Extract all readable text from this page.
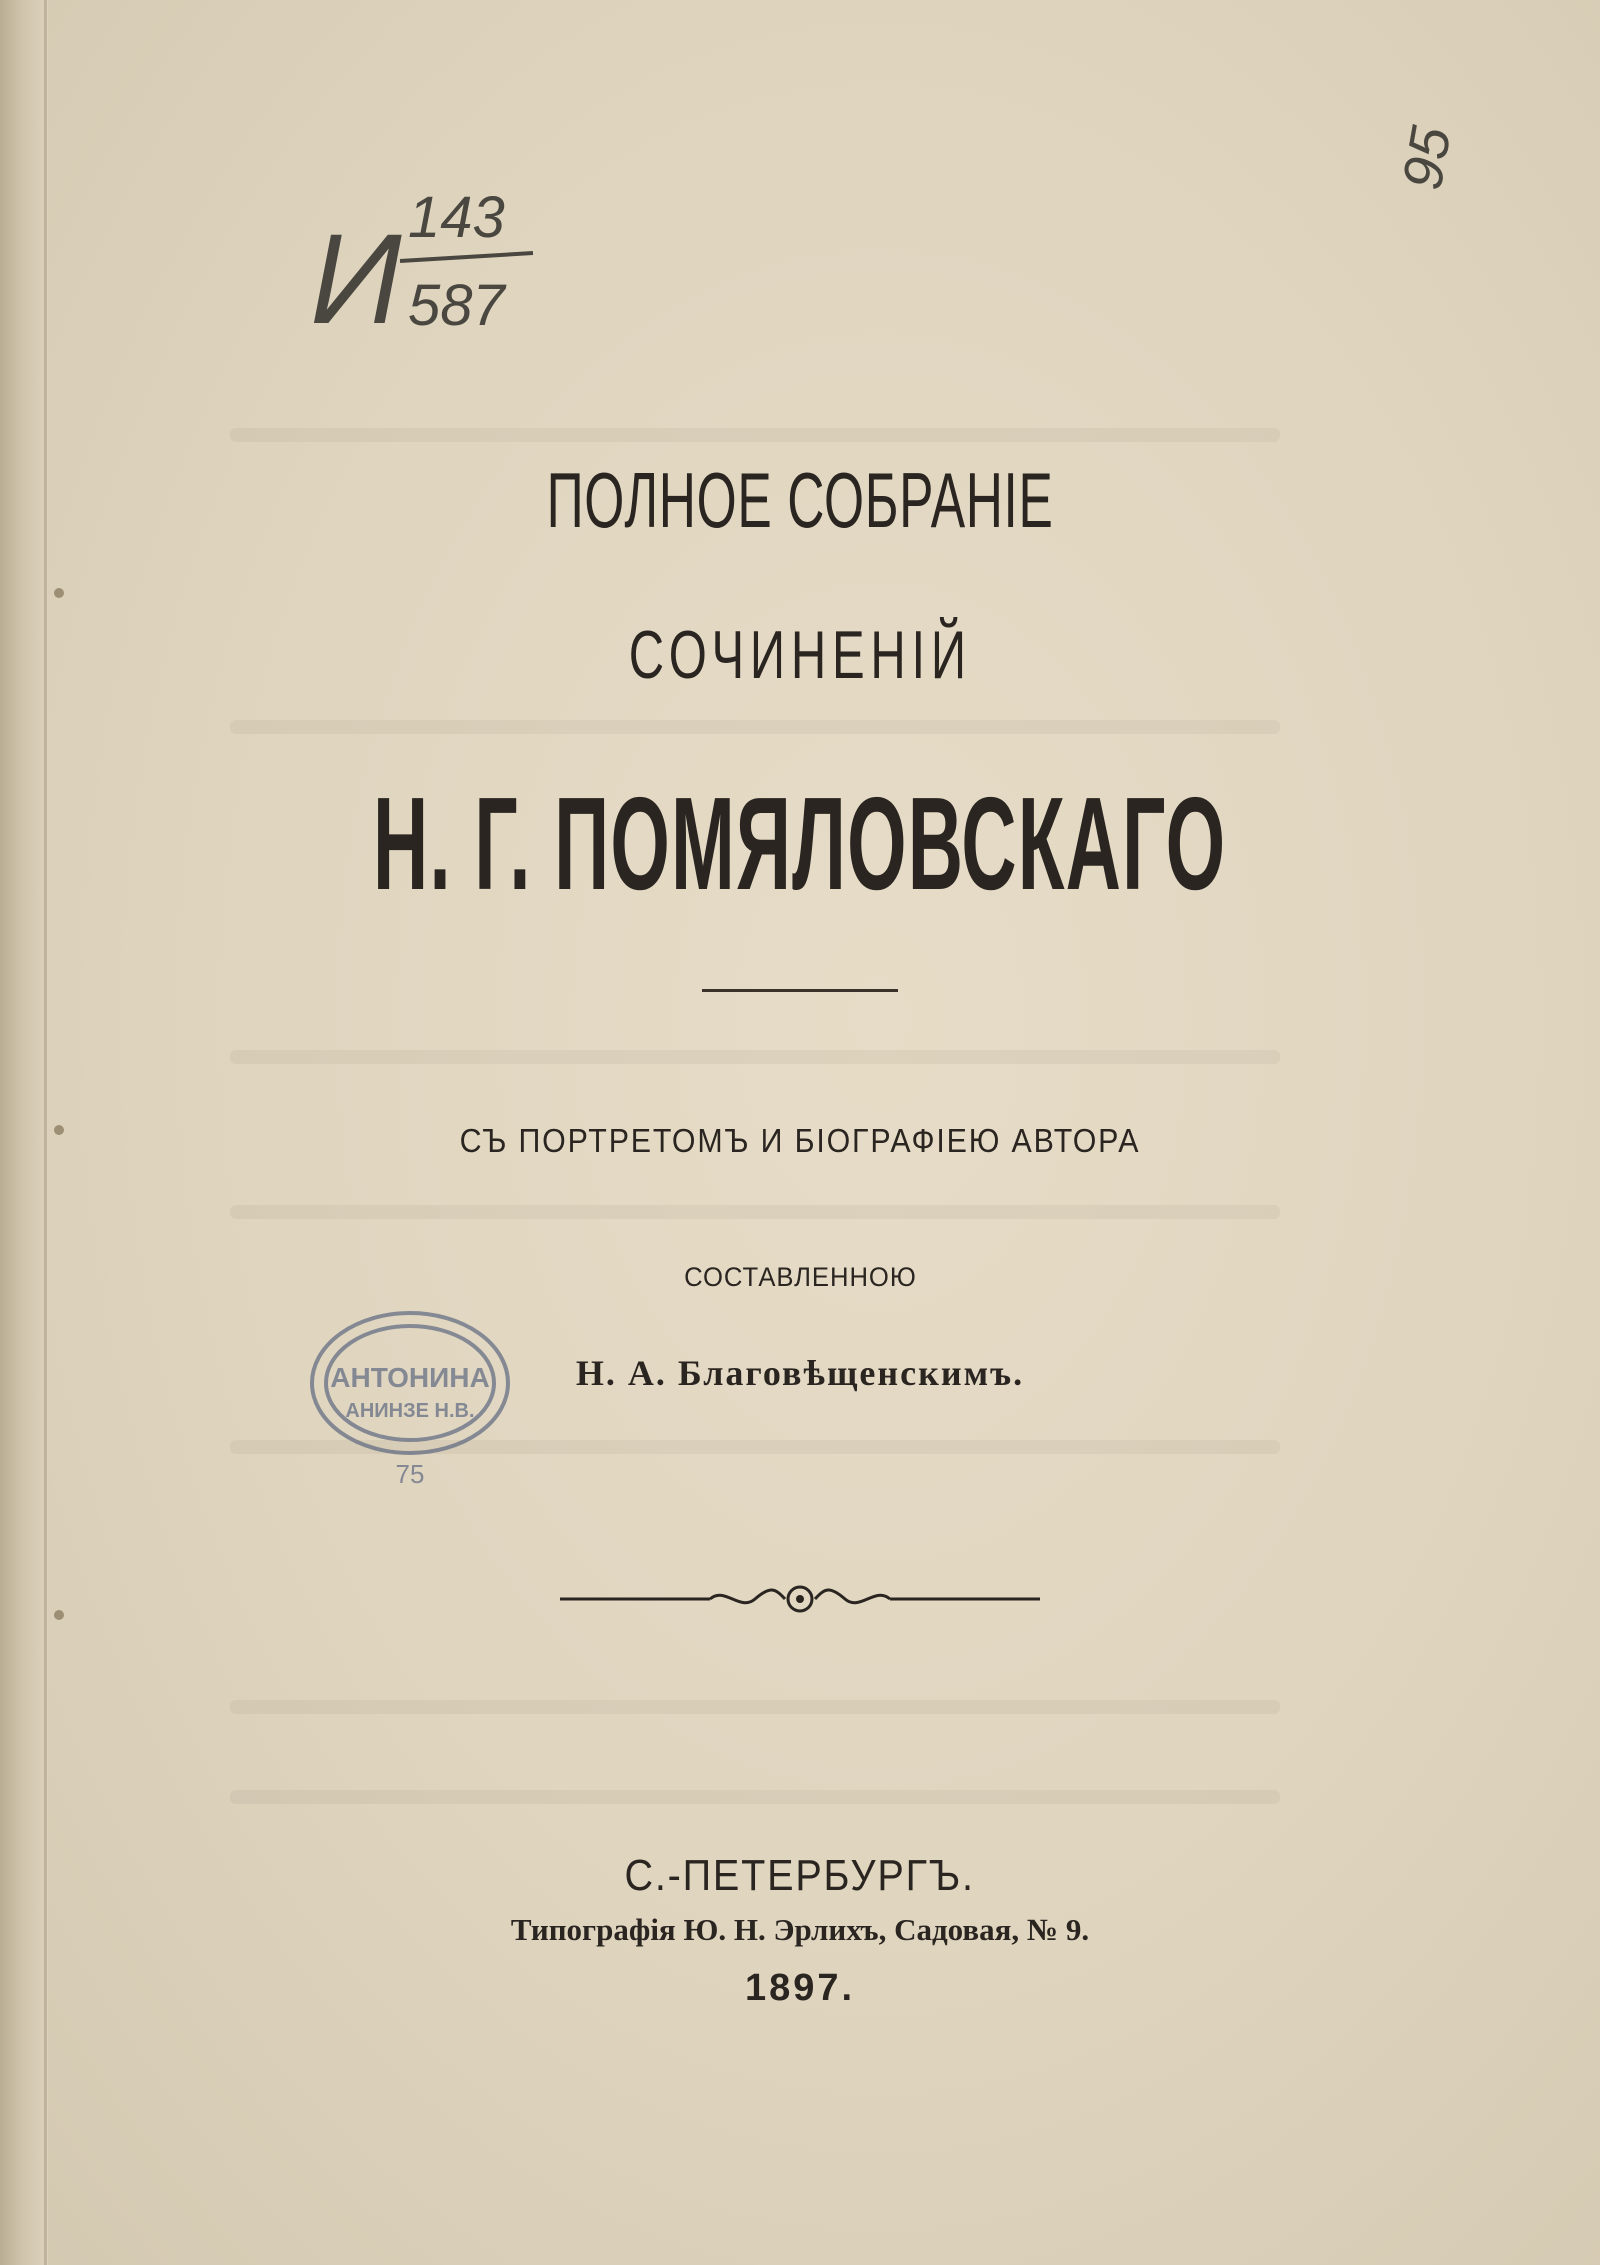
И 143
587
95
ПОЛНОЕ СОБРАНІЕ
СОЧИНЕНІЙ
Н. Г. ПОМЯЛОВСКАГО
СЪ ПОРТРЕТОМЪ И БІОГРАФІЕЮ АВТОРА
СОСТАВЛЕННОЮ
Н. А. Благовѣщенскимъ.
АНТОНИНА
АНИНЗЕ Н.В.
75
С.-ПЕТЕРБУРГЪ.
Типографія Ю. Н. Эрлихъ, Садовая, № 9.
1897.
